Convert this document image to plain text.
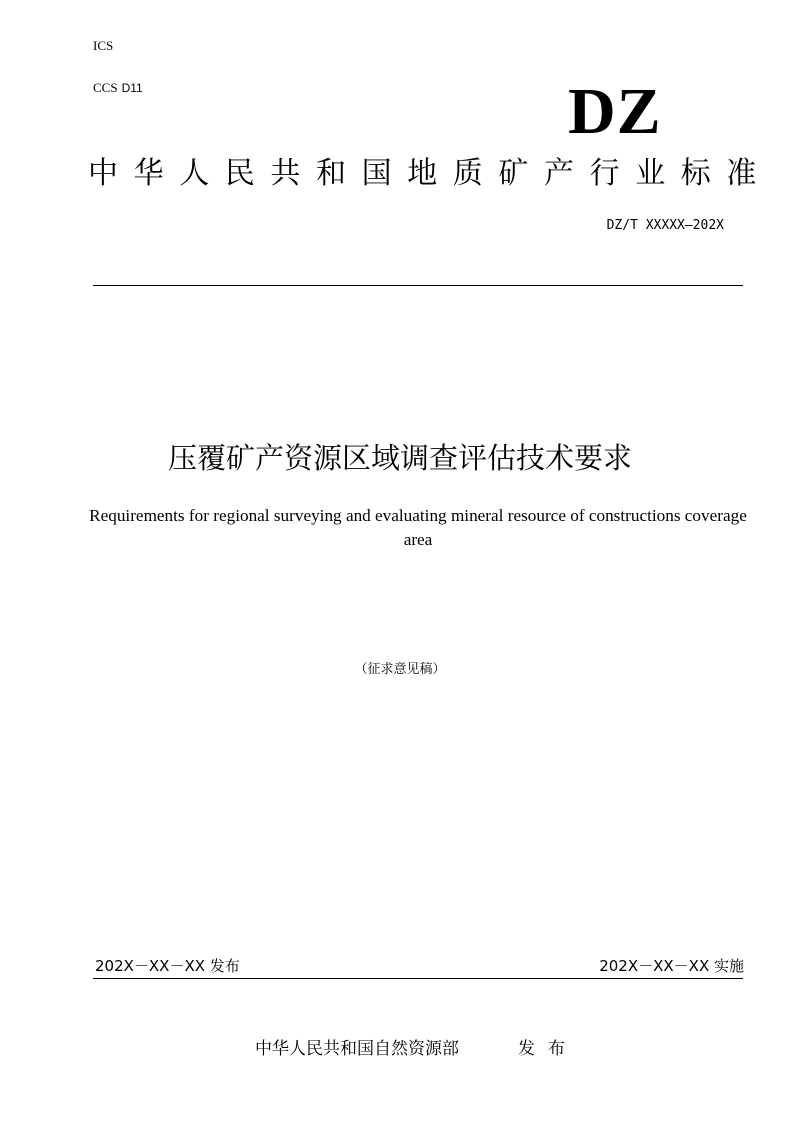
ICS
CCS D11	DZ
中华人民共和国地质矿产行业标准
DZ/T XXXXX—202X
压覆矿产资源区域调查评估技术要求
Requirements for regional surveying and evaluating mineral resource of constructions coverage area
（征求意见稿）
202X－XX－XX 发布	202X－XX－XX 实施
中华人民共和国自然资源部	发布
